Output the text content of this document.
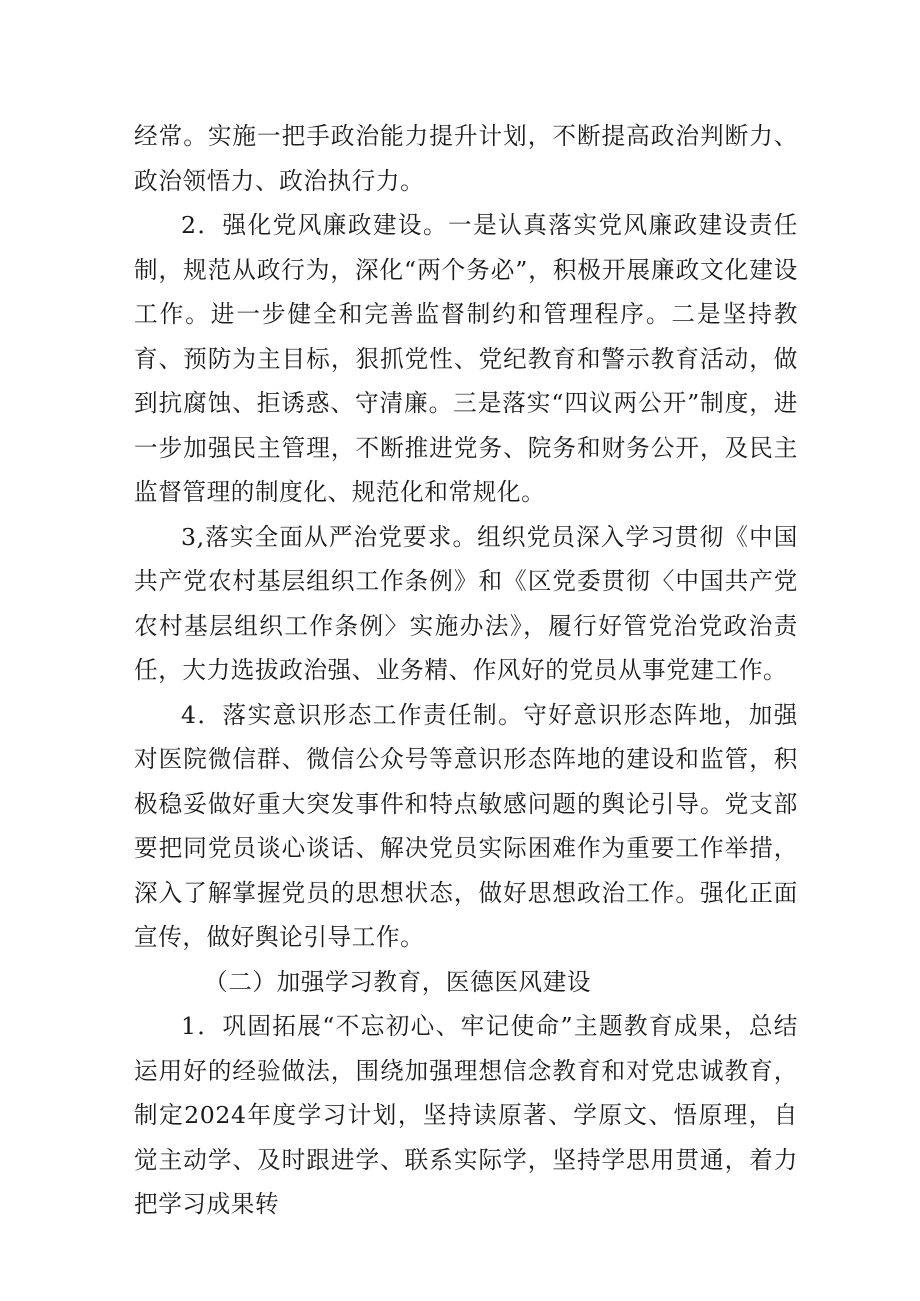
经常。实施一把手政治能力提升计划，不断提高政治判断力、政治领悟力、政治执行力。

2．强化党风廉政建设。一是认真落实党风廉政建设责任制，规范从政行为，深化“两个务必”，积极开展廉政文化建设工作。进一步健全和完善监督制约和管理程序。二是坚持教育、预防为主目标，狠抓党性、党纪教育和警示教育活动，做到抗腐蚀、拒诱惑、守清廉。三是落实“四议两公开”制度，进一步加强民主管理，不断推进党务、院务和财务公开，及民主监督管理的制度化、规范化和常规化。

3,落实全面从严治党要求。组织党员深入学习贯彻《中国共产党农村基层组织工作条例》和《区党委贯彻〈中国共产党农村基层组织工作条例〉实施办法》，履行好管党治党政治责任，大力选拔政治强、业务精、作风好的党员从事党建工作。

4．落实意识形态工作责任制。守好意识形态阵地，加强对医院微信群、微信公众号等意识形态阵地的建设和监管，积极稳妥做好重大突发事件和特点敏感问题的舆论引导。党支部要把同党员谈心谈话、解决党员实际困难作为重要工作举措，深入了解掌握党员的思想状态，做好思想政治工作。强化正面宣传，做好舆论引导工作。

（二）加强学习教育，医德医风建设

1．巩固拓展“不忘初心、牢记使命”主题教育成果，总结运用好的经验做法，围绕加强理想信念教育和对党忠诚教育，制定2024年度学习计划，坚持读原著、学原文、悟原理，自觉主动学、及时跟进学、联系实际学，坚持学思用贯通，着力把学习成果转
